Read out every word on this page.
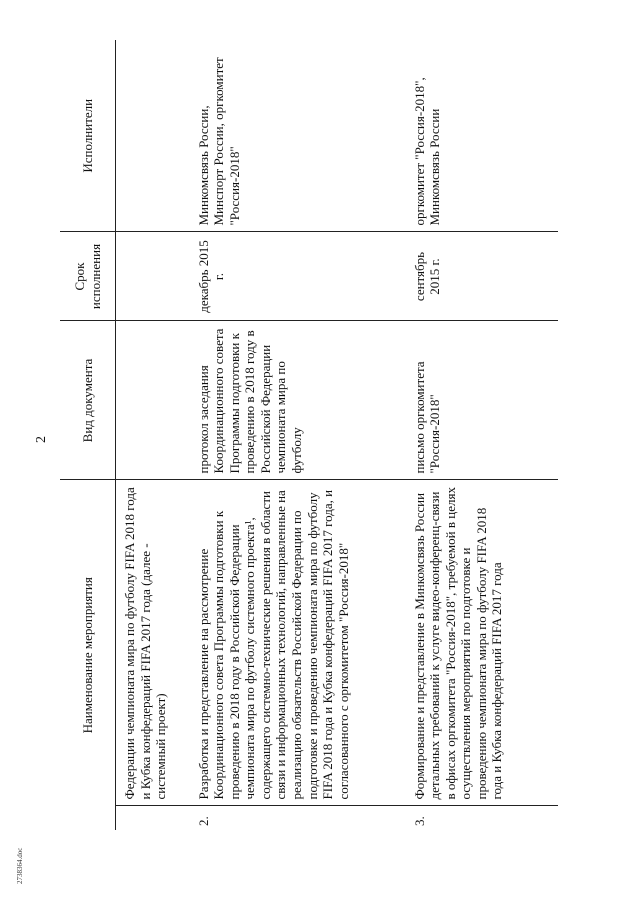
2
Наименование мероприятия		Вид документа	Срок исполнения	Исполнители
	Федерации чемпионата мира по футболу FIFA 2018 года и Кубка конфедераций FIFA 2017 года (далее - системный проект)			
2.	Разработка и представление на рассмотрение Координационного совета Программы подготовки к проведению в 2018 году в Российской Федерации чемпионата мира по футболу системного проекта¹, содержащего системно-технические решения в области связи и информационных технологий, направленные на реализацию обязательств Российской Федерации по подготовке и проведению чемпионата мира по футболу FIFA 2018 года и Кубка конфедераций FIFA 2017 года, и согласованного с оргкомитетом "Россия-2018"	протокол заседания Координационного совета Программы подготовки к проведению в 2018 году в Российской Федерации чемпионата мира по футболу	декабрь 2015 г.	Минкомсвязь России, Минспорт России, оргкомитет "Россия-2018"
3.	Формирование и представление в Минкомсвязь России детальных требований к услуге видео-конференц-связи в офисах оргкомитета "Россия-2018", требуемой в целях осуществления мероприятий по подготовке и проведению чемпионата мира по футболу FIFA 2018 года и Кубка конфедераций FIFA 2017 года	письмо оргкомитета "Россия-2018"	сентябрь 2015 г.	оргкомитет "Россия-2018", Минкомсвязь России
2738364.doc
